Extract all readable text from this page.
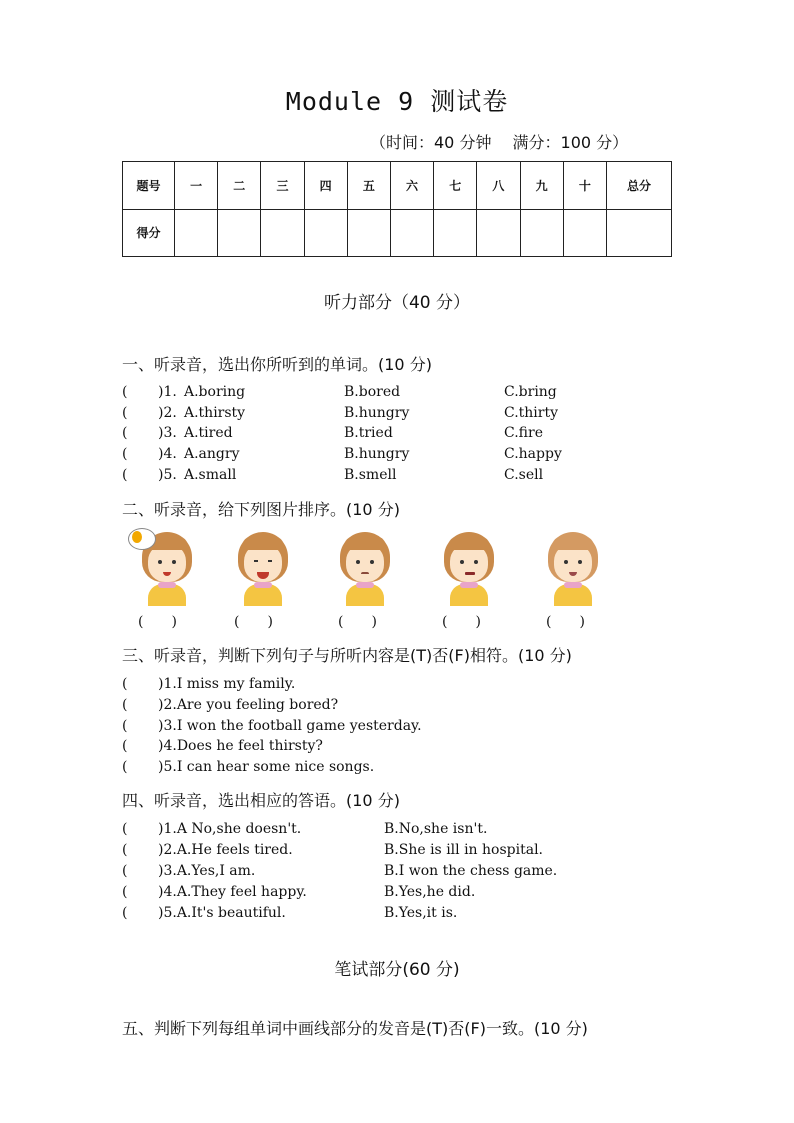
Module 9 测试卷
（时间：40 分钟　 满分：100 分）
题号	一	二	三	四	五	六	七	八	九	十	总分
得分											
听力部分（40 分）
一、听录音，选出你所听到的单词。(10 分)
( )1. A.boring	B.bored	C.bring
( )2. A.thirsty	B.hungry	C.thirty
( )3. A.tired	B.tried	C.fire
( )4. A.angry	B.hungry	C.happy
( )5. A.small	B.smell	C.sell
二、听录音，给下列图片排序。(10 分)
(　　)	(　　)	(　　)	(　　)	(　　)
三、听录音，判断下列句子与所听内容是(T)否(F)相符。(10 分)
( )1.I miss my family.
( )2.Are you feeling bored?
( )3.I won the football game yesterday.
( )4.Does he feel thirsty?
( )5.I can hear some nice songs.
四、听录音，选出相应的答语。(10 分)
( )1.A No,she doesn't.	B.No,she isn't.
( )2.A.He feels tired.	B.She is ill in hospital.
( )3.A.Yes,I am.	B.I won the chess game.
( )4.A.They feel happy.	B.Yes,he did.
( )5.A.It's beautiful.	B.Yes,it is.
笔试部分(60 分)
五、判断下列每组单词中画线部分的发音是(T)否(F)一致。(10 分)
